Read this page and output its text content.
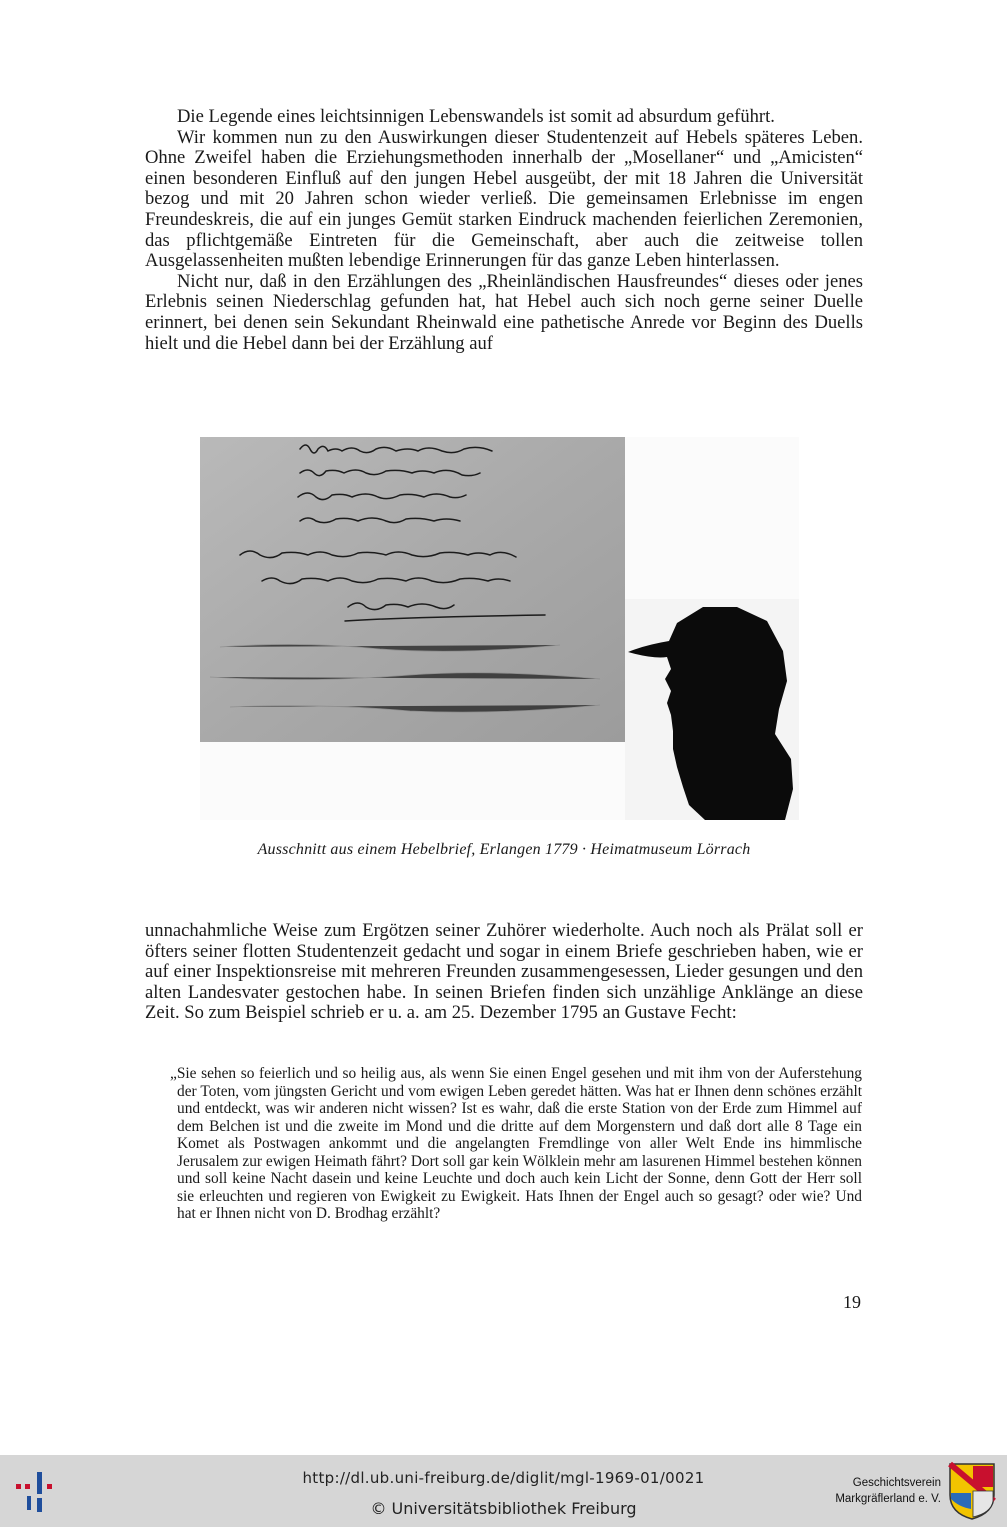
Die Legende eines leichtsinnigen Lebenswandels ist somit ad absurdum geführt.

Wir kommen nun zu den Auswirkungen dieser Studentenzeit auf Hebels späteres Leben. Ohne Zweifel haben die Erziehungsmethoden innerhalb der „Mosellaner“ und „Amicisten“ einen besonderen Einfluß auf den jungen Hebel ausgeübt, der mit 18 Jahren die Universität bezog und mit 20 Jahren schon wieder verließ. Die gemeinsamen Erlebnisse im engen Freundeskreis, die auf ein junges Gemüt starken Eindruck machenden feierlichen Zeremonien, das pflichtgemäße Eintreten für die Gemeinschaft, aber auch die zeitweise tollen Ausgelassenheiten mußten lebendige Erinnerungen für das ganze Leben hinterlassen.

Nicht nur, daß in den Erzählungen des „Rheinländischen Hausfreundes“ dieses oder jenes Erlebnis seinen Niederschlag gefunden hat, hat Hebel auch sich noch gerne seiner Duelle erinnert, bei denen sein Sekundant Rheinwald eine pathetische Anrede vor Beginn des Duells hielt und die Hebel dann bei der Erzählung auf

Ausschnitt aus einem Hebelbrief, Erlangen 1779 · Heimatmuseum Lörrach

unnachahmliche Weise zum Ergötzen seiner Zuhörer wiederholte. Auch noch als Prälat soll er öfters seiner flotten Studentenzeit gedacht und sogar in einem Briefe geschrieben haben, wie er auf einer Inspektionsreise mit mehreren Freunden zusammengesessen, Lieder gesungen und den alten Landesvater gestochen habe. In seinen Briefen finden sich unzählige Anklänge an diese Zeit. So zum Beispiel schrieb er u. a. am 25. Dezember 1795 an Gustave Fecht:

„Sie sehen so feierlich und so heilig aus, als wenn Sie einen Engel gesehen und mit ihm von der Auferstehung der Toten, vom jüngsten Gericht und vom ewigen Leben geredet hätten. Was hat er Ihnen denn schönes erzählt und entdeckt, was wir anderen nicht wissen? Ist es wahr, daß die erste Station von der Erde zum Himmel auf dem Belchen ist und die zweite im Mond und die dritte auf dem Morgenstern und daß dort alle 8 Tage ein Komet als Postwagen ankommt und die angelangten Fremdlinge von aller Welt Ende ins himmlische Jerusalem zur ewigen Heimath fährt? Dort soll gar kein Wölklein mehr am lasurenen Himmel bestehen können und soll keine Nacht dasein und keine Leuchte und doch auch kein Licht der Sonne, denn Gott der Herr soll sie erleuchten und regieren von Ewigkeit zu Ewigkeit. Hats Ihnen der Engel auch so gesagt? oder wie? Und hat er Ihnen nicht von D. Brodhag erzählt?

19
http://dl.ub.uni-freiburg.de/diglit/mgl-1969-01/0021
© Universitätsbibliothek Freiburg
Geschichtsverein
Markgräflerland e. V.
